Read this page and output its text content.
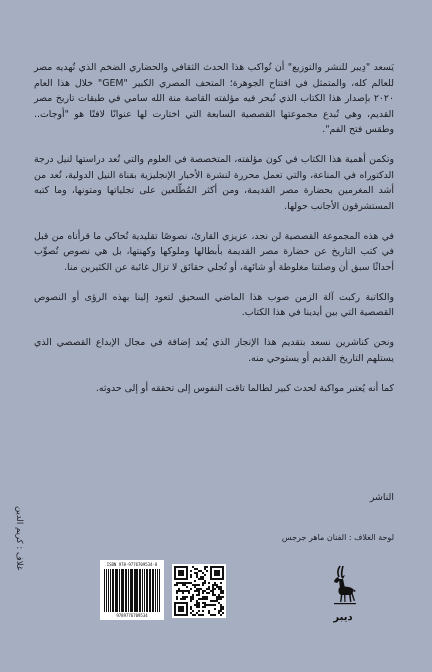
يَسعد "دِيبر للنشر والتوزيع" أن تُواكب هذا الحدث الثقافي والحضاري الضخم الذي تُهديه مصر للعالم كله، والمتمثل في افتتاح الجوهرة؛ المتحف المصري الكبير "GEM" خلال هذا العام ٢٠٢٠ بإصدار هذا الكتاب الذي تُبحر فيه مؤلفته القاصة منة الله سامي في طبقات تاريخ مصر القديم، وهي تُبدع مجموعتها القصصية السابعة التي اختارت لها عنوانًا لافتًا هو "أوجات.. وطقس فتح الفم".

وتكمن أهمية هذا الكتاب في كون مؤلفته، المتخصصة في العلوم والتي تُعد دراستها لنيل درجة الدكتوراه في المناعة، والتي تعمل محررة لنشرة الأخبار الإنجليزية بقناة النيل الدولية، تُعد من أشد المغرمين بحضارة مصر القديمة، ومن أكثر المُطّلعين على تجلياتها ومتونها، وما كتبه المستشرقون الأجانب حولها.

في هذه المجموعة القصصية لن نجد، عزيزي القارئ، نصوصًا تقليدية تُحاكي ما قرأناه من قبل في كتب التاريخ عن حضارة مصر القديمة بأبطالها وملوكها وكهنتها، بل هي نصوص تُصوِّب أحداثًا سبق أن وصلتنا مغلوطة أو شائهة، أو تُجلي حقائق لا تزال غائبة عن الكثيرين منا.

والكاتبة ركبت آلة الزمن صوب هذا الماضي السحيق لتعود إلينا بهذه الرؤى أو النصوص القصصية التي بين أيدينا في هذا الكتاب.

ونحن كناشرين نسعد بتقديم هذا الإنجاز الذي يُعد إضافة في مجال الإبداع القصصي الذي يستلهم التاريخ القديم أو يستوحي منه.

كما أنه يُعتبر مواكبة لحدث كبير لطالما تاقت النفوس إلى تحققه أو إلى حدوثه.

الناشر
لوحة الغلاف : الفنان ماهر جرجس
غلاف : كريم الدين	ISBN 978-9776709534-8
9789776709534	ديبر
